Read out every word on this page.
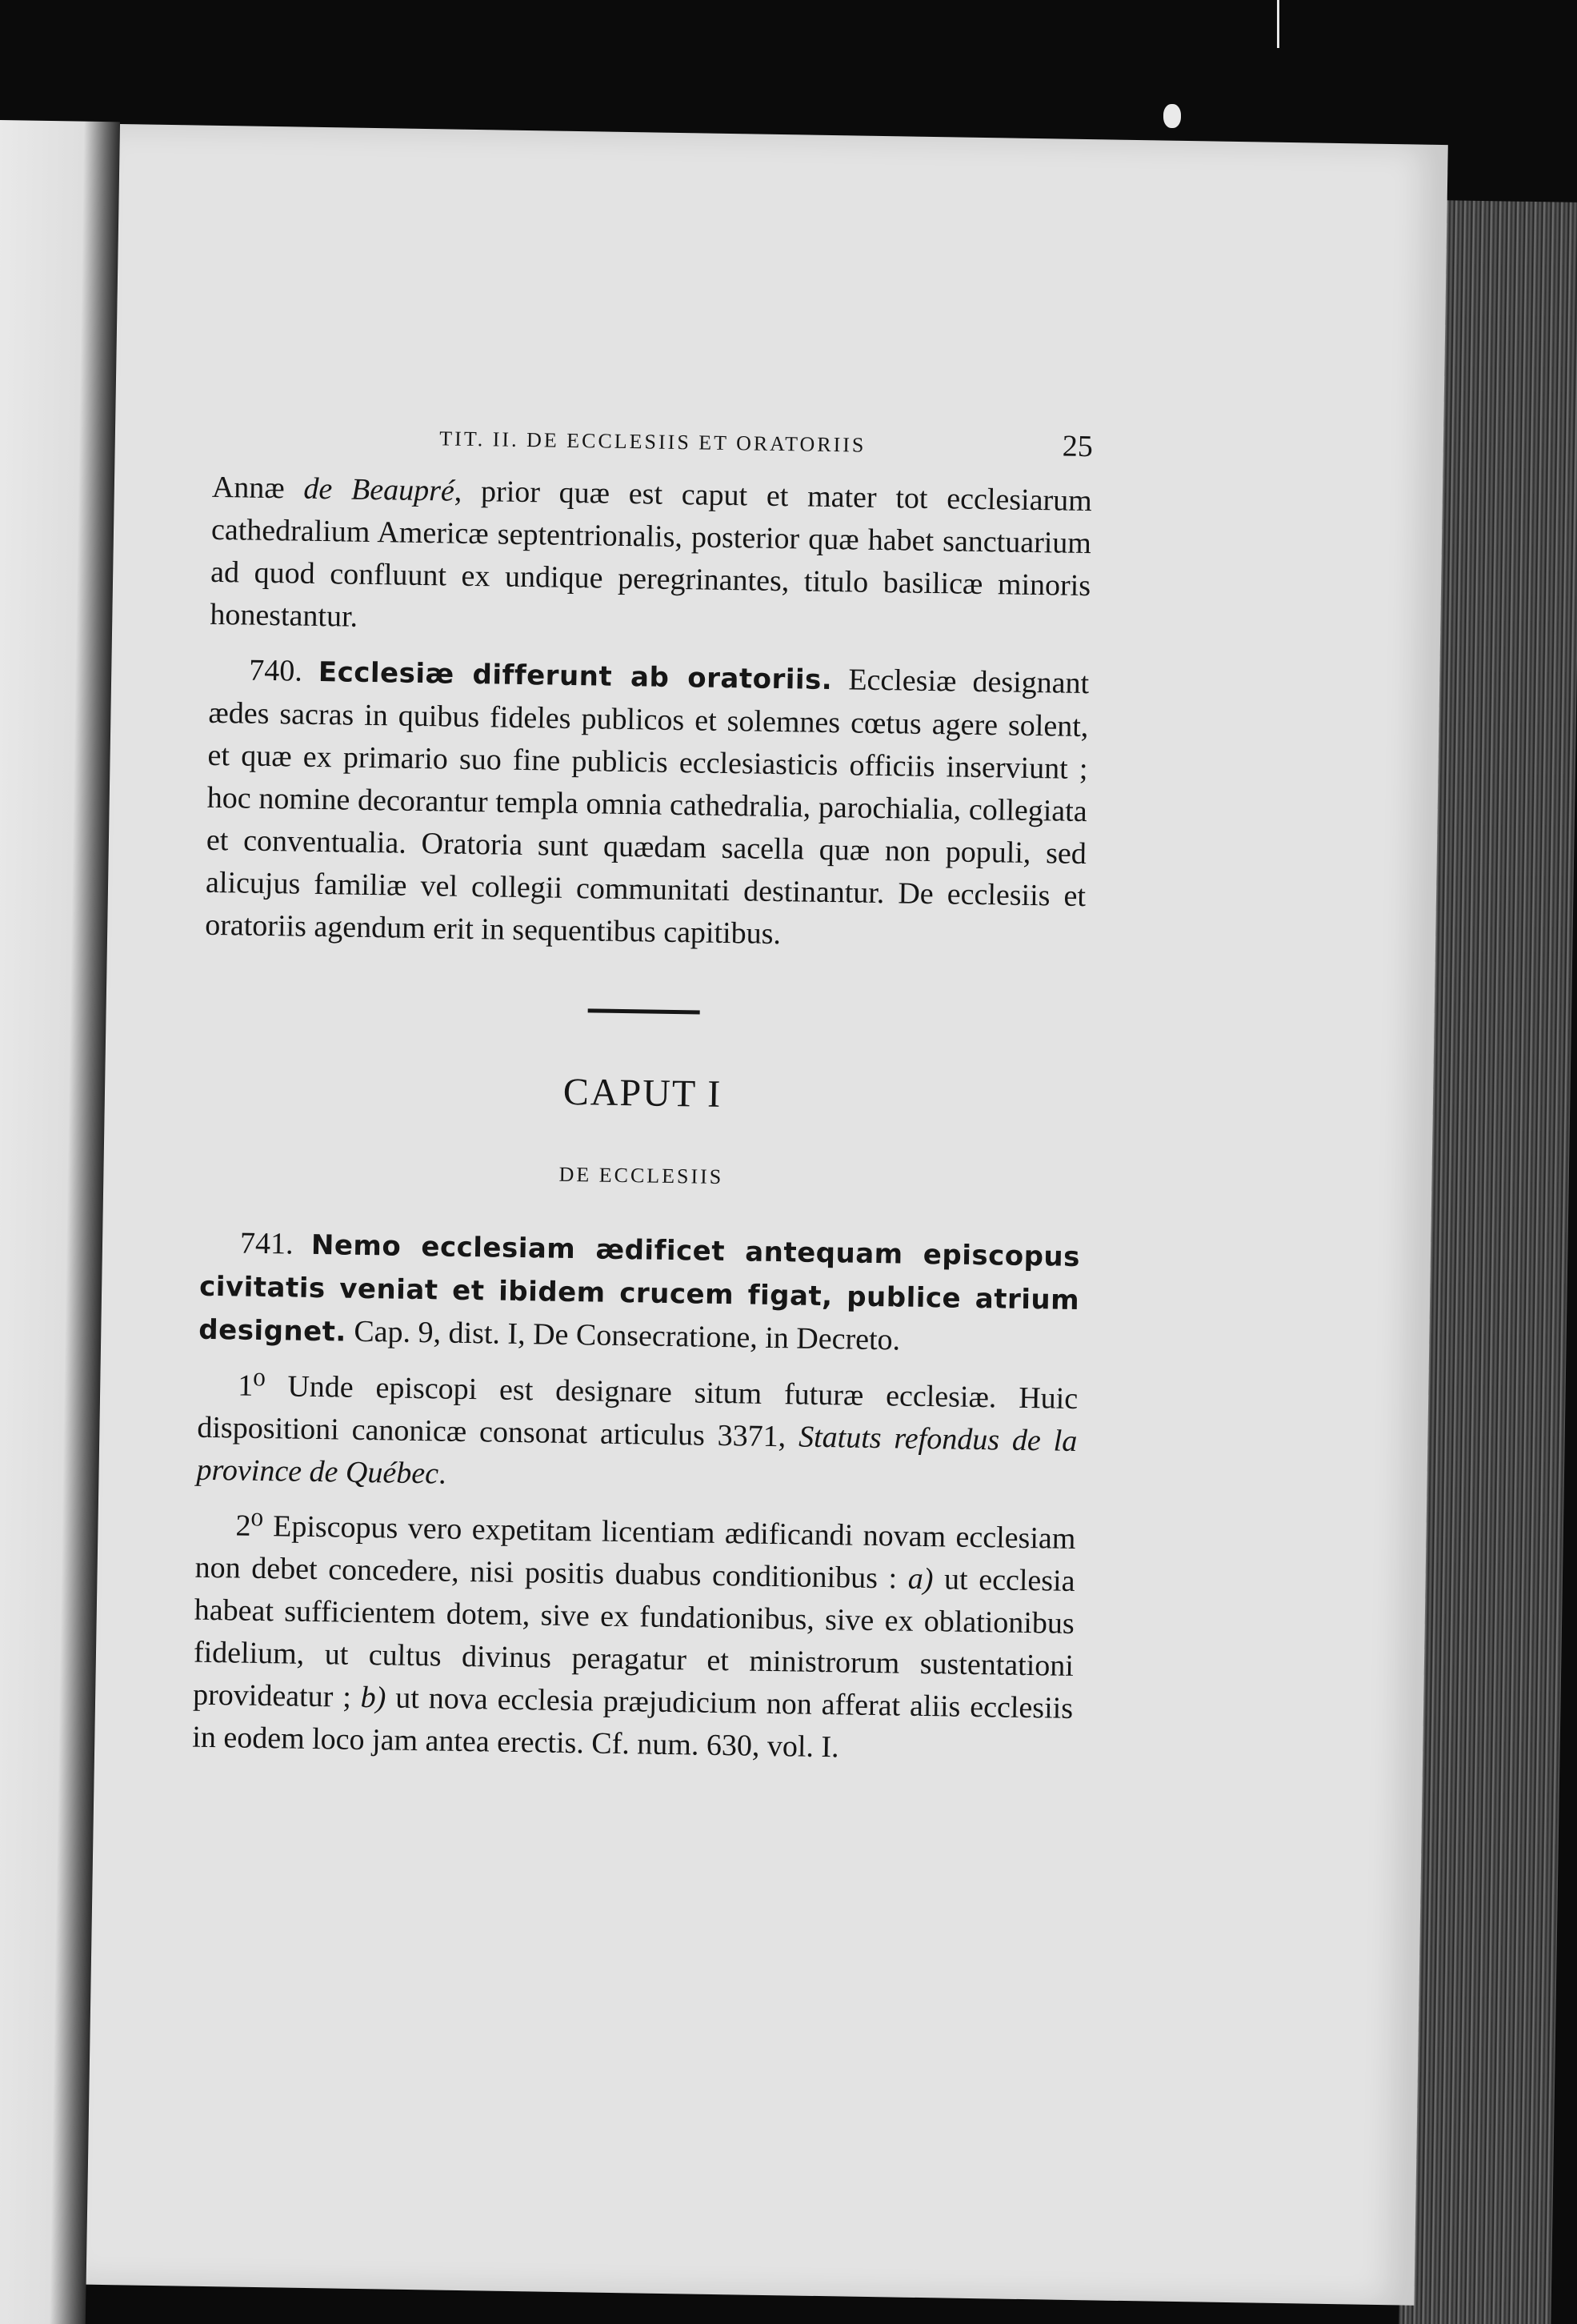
TIT. II. DE ECCLESIIS ET ORATORIIS	25

Annæ de Beaupré, prior quæ est caput et mater tot ecclesiarum cathedralium Americæ septentrionalis, posterior quæ habet sanctuarium ad quod confluunt ex undique peregrinantes, titulo basilicæ minoris honestantur.

740. Ecclesiæ differunt ab oratoriis. Ecclesiæ designant ædes sacras in quibus fideles publicos et solemnes cœtus agere solent, et quæ ex primario suo fine publicis ecclesiasticis officiis inserviunt ; hoc nomine decorantur templa omnia cathedralia, parochialia, collegiata et conventualia. Oratoria sunt quædam sacella quæ non populi, sed alicujus familiæ vel collegii communitati destinantur. De ecclesiis et oratoriis agendum erit in sequentibus capitibus.

CAPUT I
DE ECCLESIIS

741. Nemo ecclesiam ædificet antequam episcopus civitatis veniat et ibidem crucem figat, publice atrium designet. Cap. 9, dist. I, De Consecratione, in Decreto.

1⁰ Unde episcopi est designare situm futuræ ecclesiæ. Huic dispositioni canonicæ consonat articulus 3371, Statuts refondus de la province de Québec.

2⁰ Episcopus vero expetitam licentiam ædificandi novam ecclesiam non debet concedere, nisi positis duabus conditionibus : a) ut ecclesia habeat sufficientem dotem, sive ex fundationibus, sive ex oblationibus fidelium, ut cultus divinus peragatur et ministrorum sustentationi provideatur ; b) ut nova ecclesia præjudicium non afferat aliis ecclesiis in eodem loco jam antea erectis. Cf. num. 630, vol. I.
